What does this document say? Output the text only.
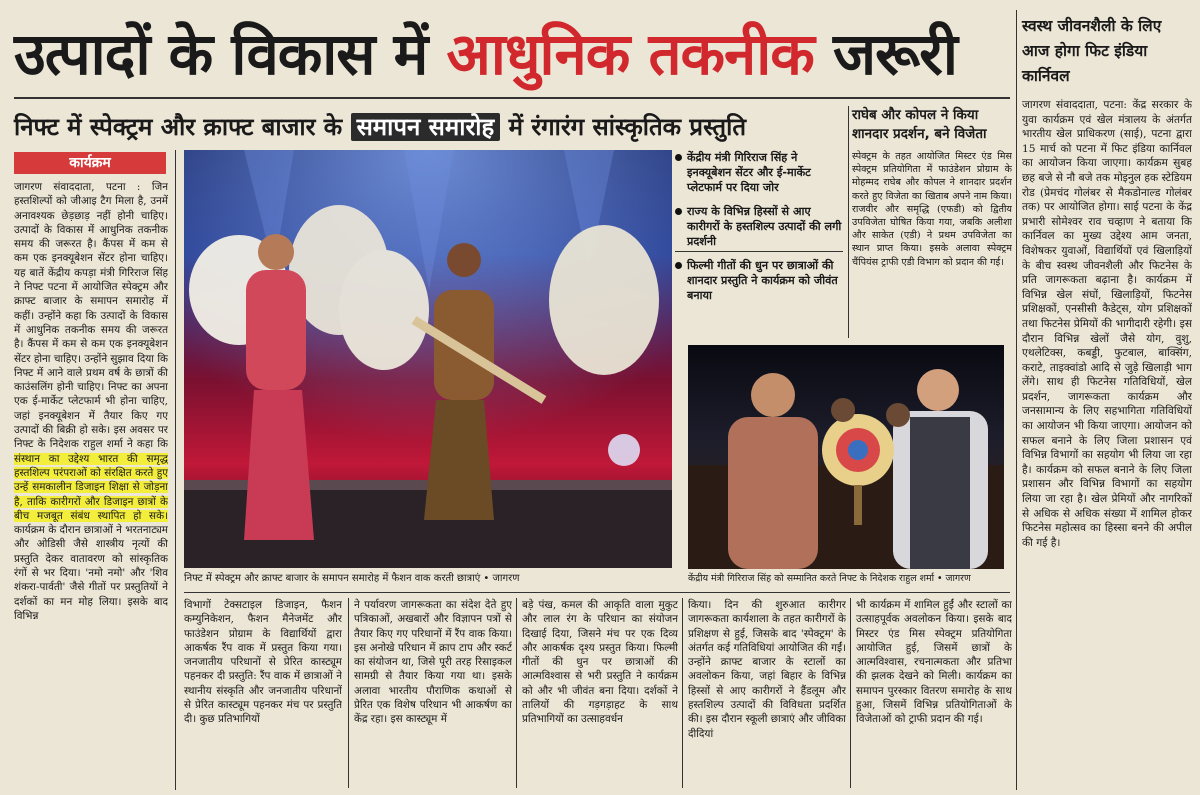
उत्पादों के विकास में आधुनिक तकनीक जरूरी
निफ्ट में स्पेक्ट्रम और क्राफ्ट बाजार के समापन समारोह में रंगारंग सांस्कृतिक प्रस्तुति
कार्यक्रम
जागरण संवाददाता, पटना : जिन हस्तशिल्पों को जीआइ टैग मिला है, उनमें अनावश्यक छेड़छाड़ नहीं होनी चाहिए। उत्पादों के विकास में आधुनिक तकनीक समय की जरूरत है। कैंपस में कम से कम एक इनक्यूबेशन सेंटर होना चाहिए। यह बातें केंद्रीय कपड़ा मंत्री गिरिराज सिंह ने निफ्ट पटना में आयोजित स्पेक्ट्रम और क्राफ्ट बाजार के समापन समारोह में कहीं। उन्होंने कहा कि उत्पादों के विकास में आधुनिक तकनीक समय की जरूरत है। कैंपस में कम से कम एक इनक्यूबेशन सेंटर होना चाहिए। उन्होंने सुझाव दिया कि निफ्ट में आने वाले प्रथम वर्ष के छात्रों की काउंसलिंग होनी चाहिए। निफ्ट का अपना एक ई-मार्केट प्लेटफार्म भी होना चाहिए, जहां इनक्यूबेशन में तैयार किए गए उत्पादों की बिक्री हो सके। इस अवसर पर निफ्ट के निदेशक राहुल शर्मा ने कहा कि संस्थान का उद्देश्य भारत की समृद्ध हस्तशिल्प परंपराओं को संरक्षित करते हुए उन्हें समकालीन डिजाइन शिक्षा से जोड़ना है, ताकि कारीगरों और डिजाइन छात्रों के बीच मजबूत संबंध स्थापित हो सके। कार्यक्रम के दौरान छात्राओं ने भरतनाट्यम और ओडिसी जैसे शास्त्रीय नृत्यों की प्रस्तुति देकर वातावरण को सांस्कृतिक रंगों से भर दिया। 'नमो नमो' और 'शिव शंकरा-पार्वती' जैसे गीतों पर प्रस्तुतियों ने दर्शकों का मन मोह लिया। इसके बाद विभिन्न
निफ्ट में स्पेक्ट्रम और क्राफ्ट बाजार के समापन समारोह में फैशन वाक करती छात्राएं • जागरण
केंद्रीय मंत्री गिरिराज सिंह ने इनक्यूबेशन सेंटर और ई-मार्केट प्लेटफार्म पर दिया जोर
राज्य के विभिन्न हिस्सों से आए कारीगरों के हस्तशिल्प उत्पादों की लगी प्रदर्शनी
फिल्मी गीतों की धुन पर छात्राओं की शानदार प्रस्तुति ने कार्यक्रम को जीवंत बनाया
राघेब और कोपल ने किया शानदार प्रदर्शन, बने विजेता
स्पेक्ट्रम के तहत आयोजित मिस्टर एंड मिस स्पेक्ट्रम प्रतियोगिता में फाउंडेशन प्रोग्राम के मोहम्मद राघेब और कोपल ने शानदार प्रदर्शन करते हुए विजेता का खिताब अपने नाम किया। राजवीर और समृद्धि (एफडी) को द्वितीय उपविजेता घोषित किया गया, जबकि अलीशा और साकेत (एडी) ने प्रथम उपविजेता का स्थान प्राप्त किया। इसके अलावा स्पेक्ट्रम चैंपियंस ट्राफी एडी विभाग को प्रदान की गई।
केंद्रीय मंत्री गिरिराज सिंह को सम्मानित करते निफ्ट के निदेशक राहुल शर्मा • जागरण
विभागों टेक्सटाइल डिजाइन, फैशन कम्युनिकेशन, फैशन मैनेजमेंट और फाउंडेशन प्रोग्राम के विद्यार्थियों द्वारा आकर्षक रैंप वाक में प्रस्तुत किया गया। जनजातीय परिधानों से प्रेरित कास्ट्यूम पहनकर दी प्रस्तुति: रैंप वाक में छात्राओं ने स्थानीय संस्कृति और जनजातीय परिधानों से प्रेरित कास्ट्यूम पहनकर मंच पर प्रस्तुति दी। कुछ प्रतिभागियों
ने पर्यावरण जागरूकता का संदेश देते हुए पत्रिकाओं, अखबारों और विज्ञापन पत्रों से तैयार किए गए परिधानों में रैंप वाक किया। इस अनोखे परिधान में क्राप टाप और स्कर्ट का संयोजन था, जिसे पूरी तरह रिसाइकल सामग्री से तैयार किया गया था। इसके अलावा भारतीय पौराणिक कथाओं से प्रेरित एक विशेष परिधान भी आकर्षण का केंद्र रहा। इस कास्ट्यूम में
बड़े पंख, कमल की आकृति वाला मुकुट और लाल रंग के परिधान का संयोजन दिखाई दिया, जिसने मंच पर एक दिव्य और आकर्षक दृश्य प्रस्तुत किया। फिल्मी गीतों की धुन पर छात्राओं की आत्मविश्वास से भरी प्रस्तुति ने कार्यक्रम को और भी जीवंत बना दिया। दर्शकों ने तालियों की गड़गड़ाहट के साथ प्रतिभागियों का उत्साहवर्धन
किया। दिन की शुरुआत कारीगर जागरूकता कार्यशाला के तहत कारीगरों के प्रशिक्षण से हुई, जिसके बाद 'स्पेक्ट्रम' के अंतर्गत कई गतिविधियां आयोजित की गईं। उन्होंने क्राफ्ट बाजार के स्टालों का अवलोकन किया, जहां बिहार के विभिन्न हिस्सों से आए कारीगरों ने हैंडलूम और हस्तशिल्प उत्पादों की विविधता प्रदर्शित की। इस दौरान स्कूली छात्राएं और जीविका दीदियां
भी कार्यक्रम में शामिल हुईं और स्टालों का उत्साहपूर्वक अवलोकन किया। इसके बाद मिस्टर एंड मिस स्पेक्ट्रम प्रतियोगिता आयोजित हुई, जिसमें छात्रों के आत्मविश्वास, रचनात्मकता और प्रतिभा की झलक देखने को मिली। कार्यक्रम का समापन पुरस्कार वितरण समारोह के साथ हुआ, जिसमें विभिन्न प्रतियोगिताओं के विजेताओं को ट्राफी प्रदान की गई।
स्वस्थ जीवनशैली के लिए आज होगा फिट इंडिया कार्निवल
जागरण संवाददाता, पटना: केंद्र सरकार के युवा कार्यक्रम एवं खेल मंत्रालय के अंतर्गत भारतीय खेल प्राधिकरण (साई), पटना द्वारा 15 मार्च को पटना में फिट इंडिया कार्निवल का आयोजन किया जाएगा। कार्यक्रम सुबह छह बजे से नौ बजे तक मोइनुल हक स्टेडियम रोड (प्रेमचंद गोलंबर से मैकडोनाल्ड गोलंबर तक) पर आयोजित होगा। साई पटना के केंद्र प्रभारी सोमेश्वर राव चव्हाण ने बताया कि कार्निवल का मुख्य उद्देश्य आम जनता, विशेषकर युवाओं, विद्यार्थियों एवं खिलाड़ियों के बीच स्वस्थ जीवनशैली और फिटनेस के प्रति जागरूकता बढ़ाना है। कार्यक्रम में विभिन्न खेल संघों, खिलाड़ियों, फिटनेस प्रशिक्षकों, एनसीसी कैडेट्स, योग प्रशिक्षकों तथा फिटनेस प्रेमियों की भागीदारी रहेगी। इस दौरान विभिन्न खेलों जैसे योग, वुशु, एथलेटिक्स, कबड्डी, फुटबाल, बाक्सिंग, कराटे, ताइक्वांडो आदि से जुड़े खिलाड़ी भाग लेंगे। साथ ही फिटनेस गतिविधियों, खेल प्रदर्शन, जागरूकता कार्यक्रम और जनसामान्य के लिए सहभागिता गतिविधियों का आयोजन भी किया जाएगा। आयोजन को सफल बनाने के लिए जिला प्रशासन एवं विभिन्न विभागों का सहयोग भी लिया जा रहा है। कार्यक्रम को सफल बनाने के लिए जिला प्रशासन और विभिन्न विभागों का सहयोग लिया जा रहा है। खेल प्रेमियों और नागरिकों से अधिक से अधिक संख्या में शामिल होकर फिटनेस महोत्सव का हिस्सा बनने की अपील की गई है।
